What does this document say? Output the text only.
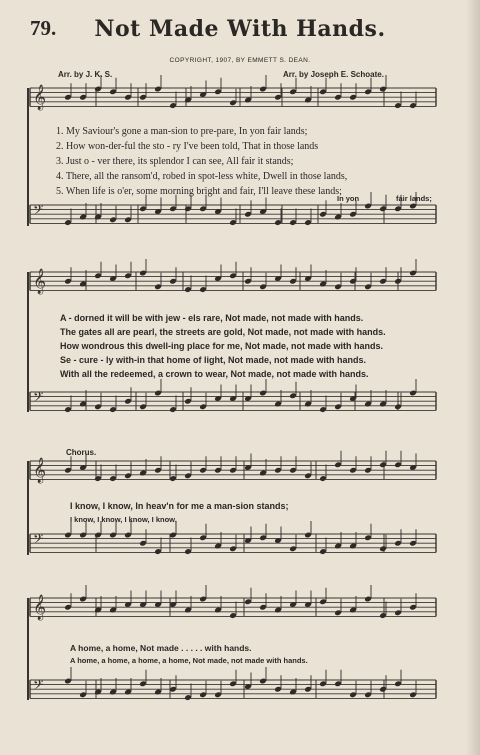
𝄞
𝄢
𝄞
𝄢
𝄞
𝄢
𝄞
𝄢
79.	Not Made With Hands.
COPYRIGHT, 1907, BY EMMETT S. DEAN.
Arr. by J. K. S.	Arr. by Joseph E. Schoate.
1. My Saviour's gone a man-sion to pre-pare, In yon fair lands;
2. How won-der-ful the sto - ry I've been told, That in those lands
3. Just o - ver there, its splendor I can see, All fair it stands;
4. There, all the ransom'd, robed in spot-less white, Dwell in those lands,
5. When life is o'er, some morning bright and fair, I'll leave these lands;
In yon	fair lands;
A - dorned it will be with jew - els rare, Not made, not made with hands.
The gates all are pearl, the streets are gold, Not made, not made with hands.
How wondrous this dwell-ing place for me, Not made, not made with hands.
Se - cure - ly with-in that home of light, Not made, not made with hands.
With all the redeemed, a crown to wear, Not made, not made with hands.
Chorus.
I know, I know, In heav'n for me a man-sion stands;
I know, I know, I know, I know,
A home, a home, Not made . . . . . with hands.
A home, a home, a home, a home, Not made, not made with hands.
